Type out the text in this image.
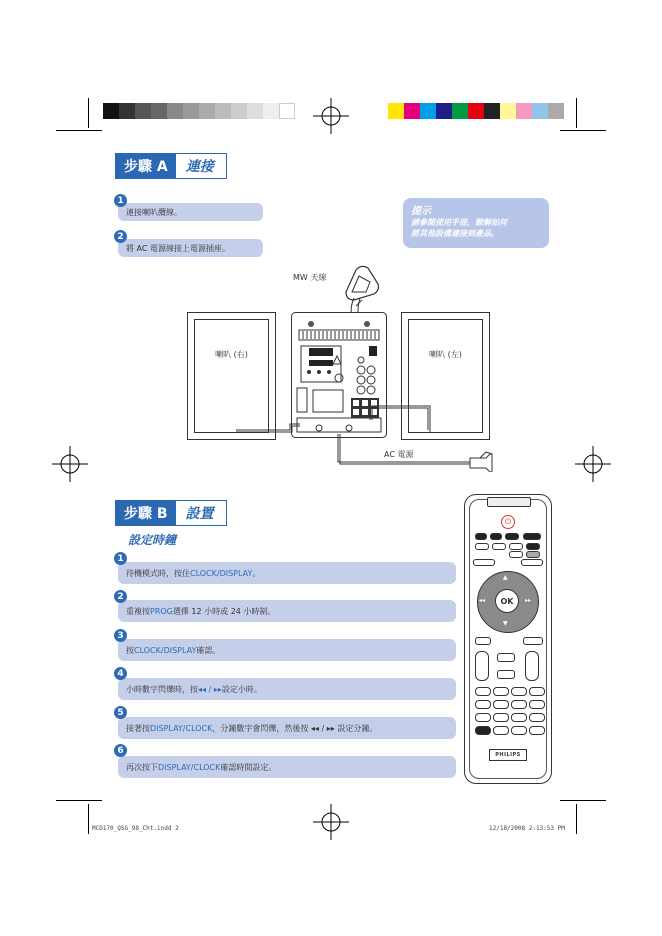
步驟 A	連接
連接喇叭纜線。
1
將 AC 電源線接上電源插座。
2
提示
請參閱使用手冊，瞭解如何
將其他設備連接到產品。
MW 天線
喇叭 (右)	喇叭 (左)
AC 電源
步驟 B	設置
設定時鐘
待機模式時，按住 CLOCK/DISPLAY 。
1
重複按 PROG 選擇 12 小時或 24 小時制。
2
按 CLOCK/DISPLAY 確認。
3
小時數字閃爍時，按 ◂◂ / ▸▸ 設定小時。
4
接著按 DISPLAY/CLOCK ，分鐘數字會閃爍，然後按 ◂◂ / ▸▸ 設定分鐘。
5
再次按下 DISPLAY/CLOCK 確認時間設定。
6
⏻
▲
▼
◂◂	▸▸
OK
PHILIPS
MCD170_QSG_98_Cht.indd 2	12/18/2008 2:13:53 PM
